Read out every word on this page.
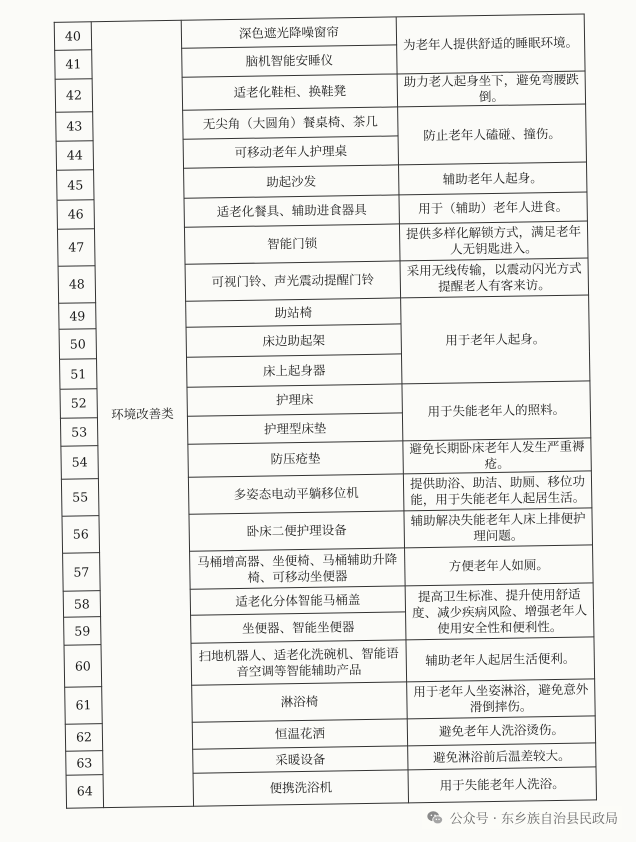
40	环境改善类	深色遮光降噪窗帘	为老年人提供舒适的睡眠环境。
41		脑机智能安睡仪	
42		适老化鞋柜、换鞋凳	助力老人起身坐下，避免弯腰跌倒。
43		无尖角（大圆角）餐桌椅、茶几	防止老年人磕碰、撞伤。
44		可移动老年人护理桌	
45		助起沙发	辅助老年人起身。
46		适老化餐具、辅助进食器具	用于（辅助）老年人进食。
47		智能门锁	提供多样化解锁方式，满足老年人无钥匙进入。
48		可视门铃、声光震动提醒门铃	采用无线传输，以震动闪光方式提醒老人有客来访。
49		助站椅	用于老年人起身。
50		床边助起架	
51		床上起身器	
52		护理床	用于失能老年人的照料。
53		护理型床垫	
54		防压疮垫	避免长期卧床老年人发生严重褥疮。
55		多姿态电动平躺移位机	提供助浴、助洁、助厕、移位功能，用于失能老年人起居生活。
56		卧床二便护理设备	辅助解决失能老年人床上排便护理问题。
57		马桶增高器、坐便椅、马桶辅助升降椅、可移动坐便器	方便老年人如厕。
58		适老化分体智能马桶盖	提高卫生标准、提升使用舒适度、减少疾病风险、增强老年人使用安全性和便利性。
59		坐便器、智能坐便器	
60		扫地机器人、适老化洗碗机、智能语音空调等智能辅助产品	辅助老年人起居生活便利。
61		淋浴椅	用于老年人坐姿淋浴，避免意外滑倒摔伤。
62		恒温花洒	避免老年人洗浴烫伤。
63		采暖设备	避免淋浴前后温差较大。
64		便携洗浴机	用于失能老年人洗浴。
公众号 · 东乡族自治县民政局
